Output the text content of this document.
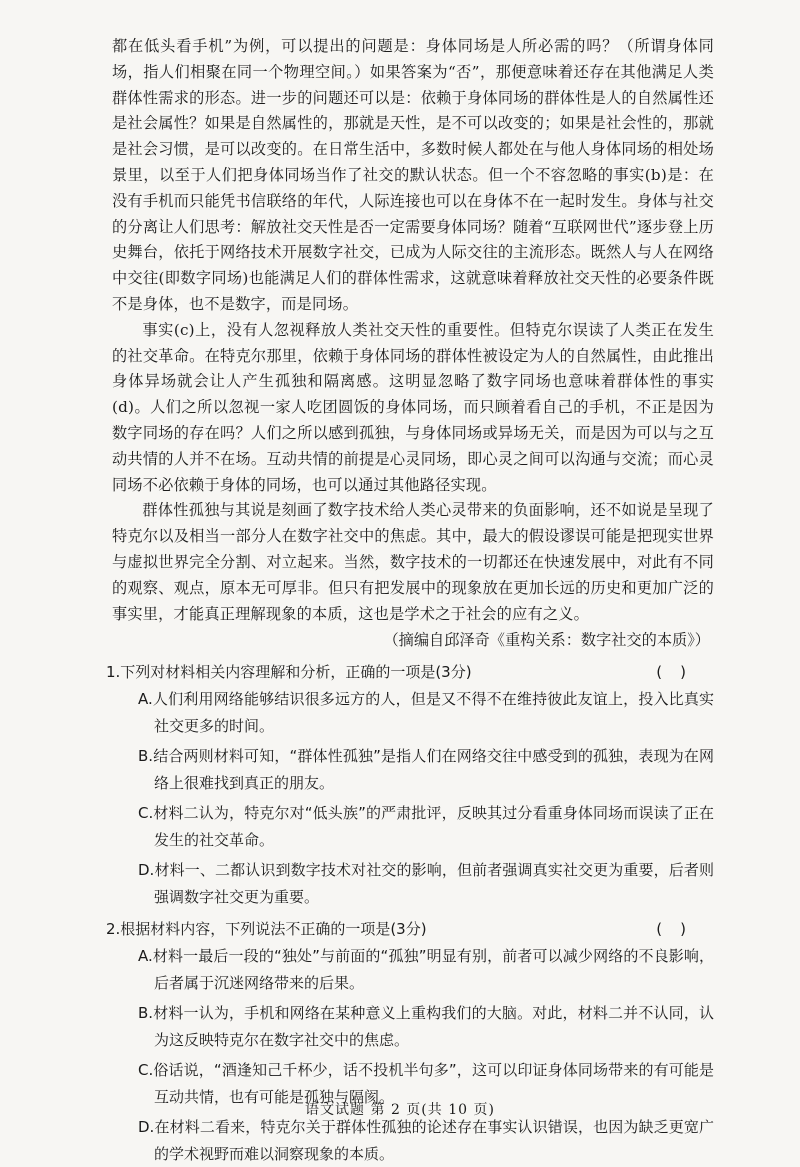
都在低头看手机”为例，可以提出的问题是：身体同场是人所必需的吗？（所谓身体同场，指人们相聚在同一个物理空间。）如果答案为“否”，那便意味着还存在其他满足人类群体性需求的形态。进一步的问题还可以是：依赖于身体同场的群体性是人的自然属性还是社会属性？如果是自然属性的，那就是天性，是不可以改变的；如果是社会性的，那就是社会习惯，是可以改变的。在日常生活中，多数时候人都处在与他人身体同场的相处场景里，以至于人们把身体同场当作了社交的默认状态。但一个不容忽略的事实(b)是：在没有手机而只能凭书信联络的年代，人际连接也可以在身体不在一起时发生。身体与社交的分离让人们思考：解放社交天性是否一定需要身体同场？随着“互联网世代”逐步登上历史舞台，依托于网络技术开展数字社交，已成为人际交往的主流形态。既然人与人在网络中交往(即数字同场)也能满足人们的群体性需求，这就意味着释放社交天性的必要条件既不是身体，也不是数字，而是同场。

事实(c)上，没有人忽视释放人类社交天性的重要性。但特克尔误读了人类正在发生的社交革命。在特克尔那里，依赖于身体同场的群体性被设定为人的自然属性，由此推出身体异场就会让人产生孤独和隔离感。这明显忽略了数字同场也意味着群体性的事实(d)。人们之所以忽视一家人吃团圆饭的身体同场，而只顾着看自己的手机，不正是因为数字同场的存在吗？人们之所以感到孤独，与身体同场或异场无关，而是因为可以与之互动共情的人并不在场。互动共情的前提是心灵同场，即心灵之间可以沟通与交流；而心灵同场不必依赖于身体的同场，也可以通过其他路径实现。

群体性孤独与其说是刻画了数字技术给人类心灵带来的负面影响，还不如说是呈现了特克尔以及相当一部分人在数字社交中的焦虑。其中，最大的假设谬误可能是把现实世界与虚拟世界完全分割、对立起来。当然，数字技术的一切都还在快速发展中，对此有不同的观察、观点，原本无可厚非。但只有把发展中的现象放在更加长远的历史和更加广泛的事实里，才能真正理解现象的本质，这也是学术之于社会的应有之义。

（摘编自邱泽奇《重构关系：数字社交的本质》）
1.下列对材料相关内容理解和分析，正确的一项是(3分)	()
A.人们利用网络能够结识很多远方的人，但是又不得不在维持彼此友谊上，投入比真实社交更多的时间。
B.结合两则材料可知，“群体性孤独”是指人们在网络交往中感受到的孤独，表现为在网络上很难找到真正的朋友。
C.材料二认为，特克尔对“低头族”的严肃批评，反映其过分看重身体同场而误读了正在发生的社交革命。
D.材料一、二都认识到数字技术对社交的影响，但前者强调真实社交更为重要，后者则强调数字社交更为重要。
2.根据材料内容，下列说法不正确的一项是(3分)	()
A.材料一最后一段的“独处”与前面的“孤独”明显有别，前者可以减少网络的不良影响，后者属于沉迷网络带来的后果。
B.材料一认为，手机和网络在某种意义上重构我们的大脑。对此，材料二并不认同，认为这反映特克尔在数字社交中的焦虑。
C.俗话说，“酒逢知己千杯少，话不投机半句多”，这可以印证身体同场带来的有可能是互动共情，也有可能是孤独与隔阂。
D.在材料二看来，特克尔关于群体性孤独的论述存在事实认识错误，也因为缺乏更宽广的学术视野而难以洞察现象的本质。
语文试题 第 2 页(共 10 页)
